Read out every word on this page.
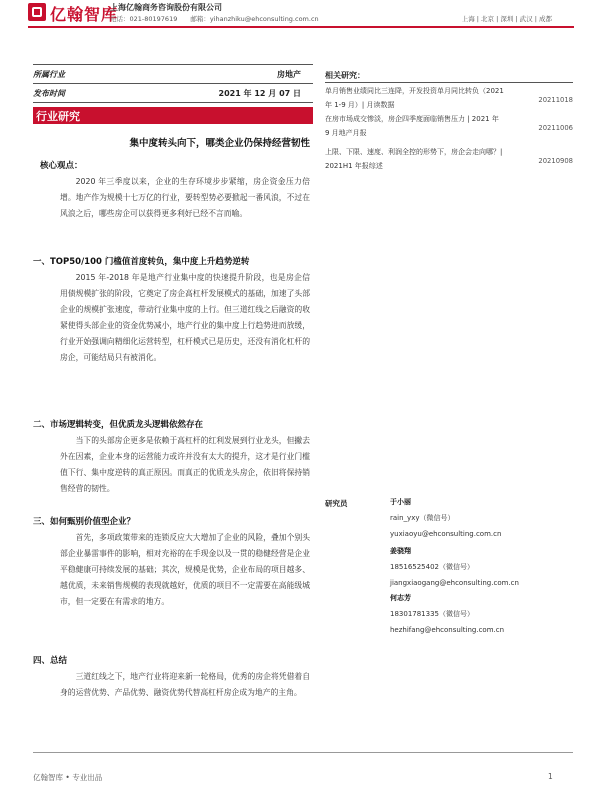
亿翰智库
上海亿翰商务咨询股份有限公司
电话：021-80197619　　邮箱：yihanzhiku@ehconsulting.com.cn	上海 | 北京 | 深圳 | 武汉 | 成都
所属行业	房地产
发布时间	2021 年 12 月 07 日
行业研究
集中度转头向下，哪类企业仍保持经营韧性
核心观点：
2020 年三季度以来，企业的生存环境步步紧缩，房企资金压力倍增。地产作为规模十七万亿的行业，要转型势必要掀起一番风浪，不过在风浪之后，哪些房企可以获得更多利好已经不言而喻。
一、TOP50/100 门槛值首度转负，集中度上升趋势逆转
2015 年-2018 年是地产行业集中度的快速提升阶段，也是房企信用债规模扩张的阶段，它奠定了房企高杠杆发展模式的基础，加速了头部企业的规模扩张速度，带动行业集中度的上行。但三道红线之后融资的收紧使得头部企业的资金优势减小，地产行业的集中度上行趋势进而放缓，行业开始强调向精细化运营转型，杠杆模式已是历史，还没有消化杠杆的房企，可能结局只有被消化。
二、市场逻辑转变，但优质龙头逻辑依然存在
当下的头部房企更多是依赖于高杠杆的红利发展到行业龙头，但撇去外在因素，企业本身的运营能力或许并没有太大的提升，这才是行业门槛值下行、集中度逆转的真正原因。而真正的优质龙头房企，依旧将保持销售经营的韧性。
三、如何甄别价值型企业？
首先，多项政策带来的连锁反应大大增加了企业的风险，叠加个别头部企业暴雷事件的影响，相对充裕的在手现金以及一贯的稳健经营是企业平稳健康可持续发展的基础；其次，规模是优势，企业布局的项目越多、越优质，未来销售规模的表现就越好，优质的项目不一定需要在高能级城市，但一定要在有需求的地方。
四、总结
三道红线之下，地产行业将迎来新一轮格局，优秀的房企将凭借着自身的运营优势、产品优势、融资优势代替高杠杆房企成为地产的主角。
相关研究：
单月销售业绩同比三连降，开发投资单月同比转负（2021 年 1-9 月）| 月读数据
20211018
在房市场成交惨淡，房企四季度面临销售压力 | 2021 年 9 月地产月报
20211006
上限、下限、速度、利润全控的形势下，房企会走向哪？| 2021H1 年报综述
20210908
研究员	于小丽
rain_yxy（微信号）
yuxiaoyu@ehconsulting.com.cn
姜骁翔
18516525402（微信号）
jiangxiaogang@ehconsulting.com.cn
何志芳
18301781335（微信号）
hezhifang@ehconsulting.com.cn
亿翰智库 • 专业出品	1
